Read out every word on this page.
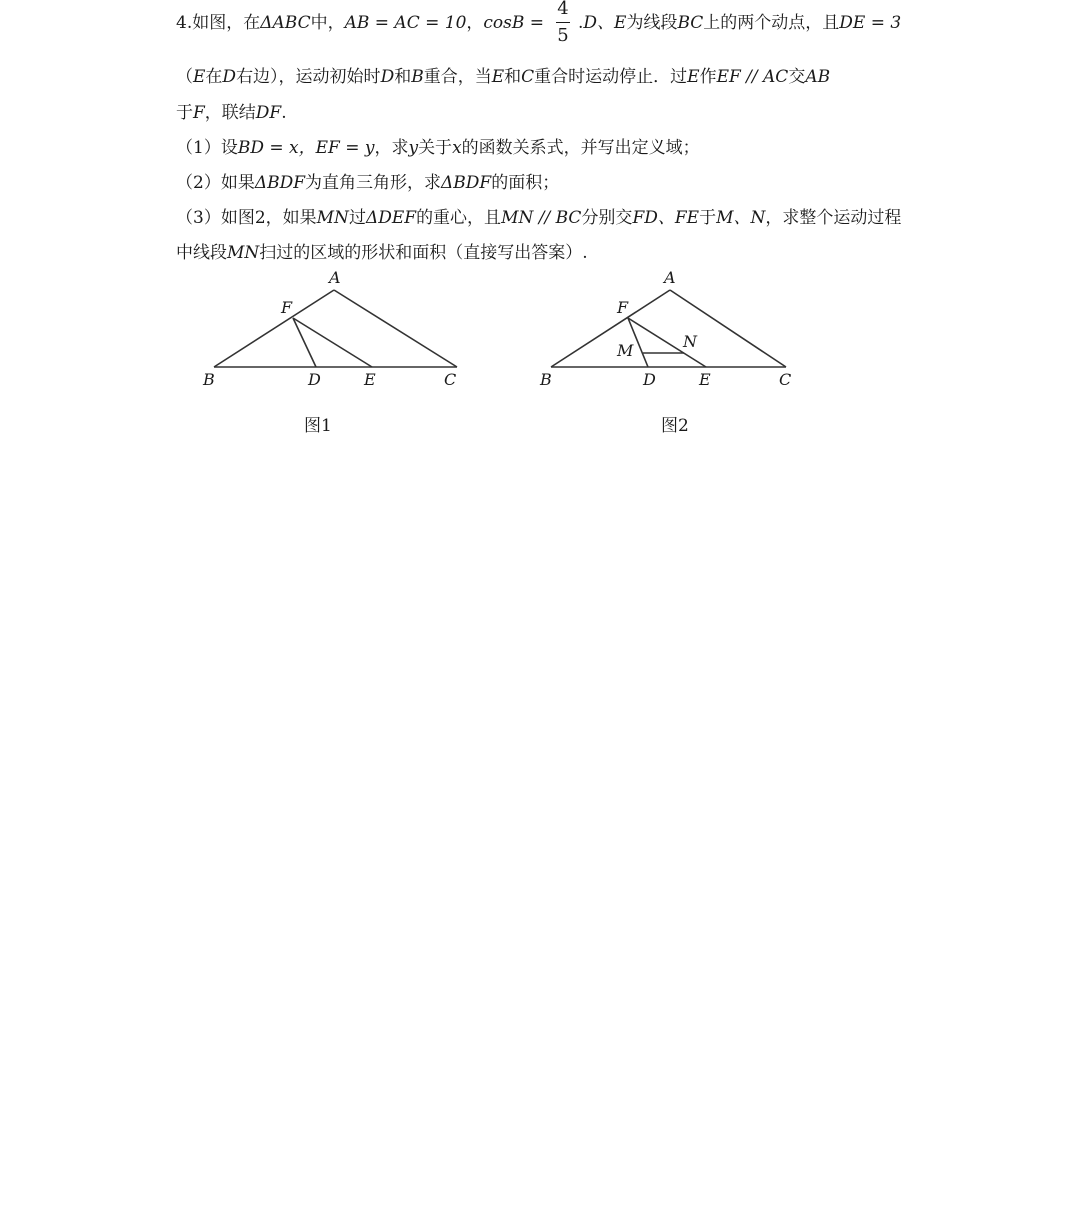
4.如图，在ΔABC中，AB = AC = 10，cosB =
4
5
.D、E为线段BC上的两个动点，且DE = 3
（E在D右边），运动初始时D和B重合，当E和C重合时运动停止．过E作EF // AC交AB
于F，联结DF.
（1）设BD = x，EF = y，求y关于x的函数关系式，并写出定义域；
（2）如果ΔBDF为直角三角形，求ΔBDF的面积；
（3）如图2，如果MN过ΔDEF的重心，且MN // BC分别交FD、FE于M、N，求整个运动过程
中线段MN扫过的区域的形状和面积（直接写出答案）.
A
F
B	D	E	C
图1
A
F
M	N
B	D	E	C
图2
